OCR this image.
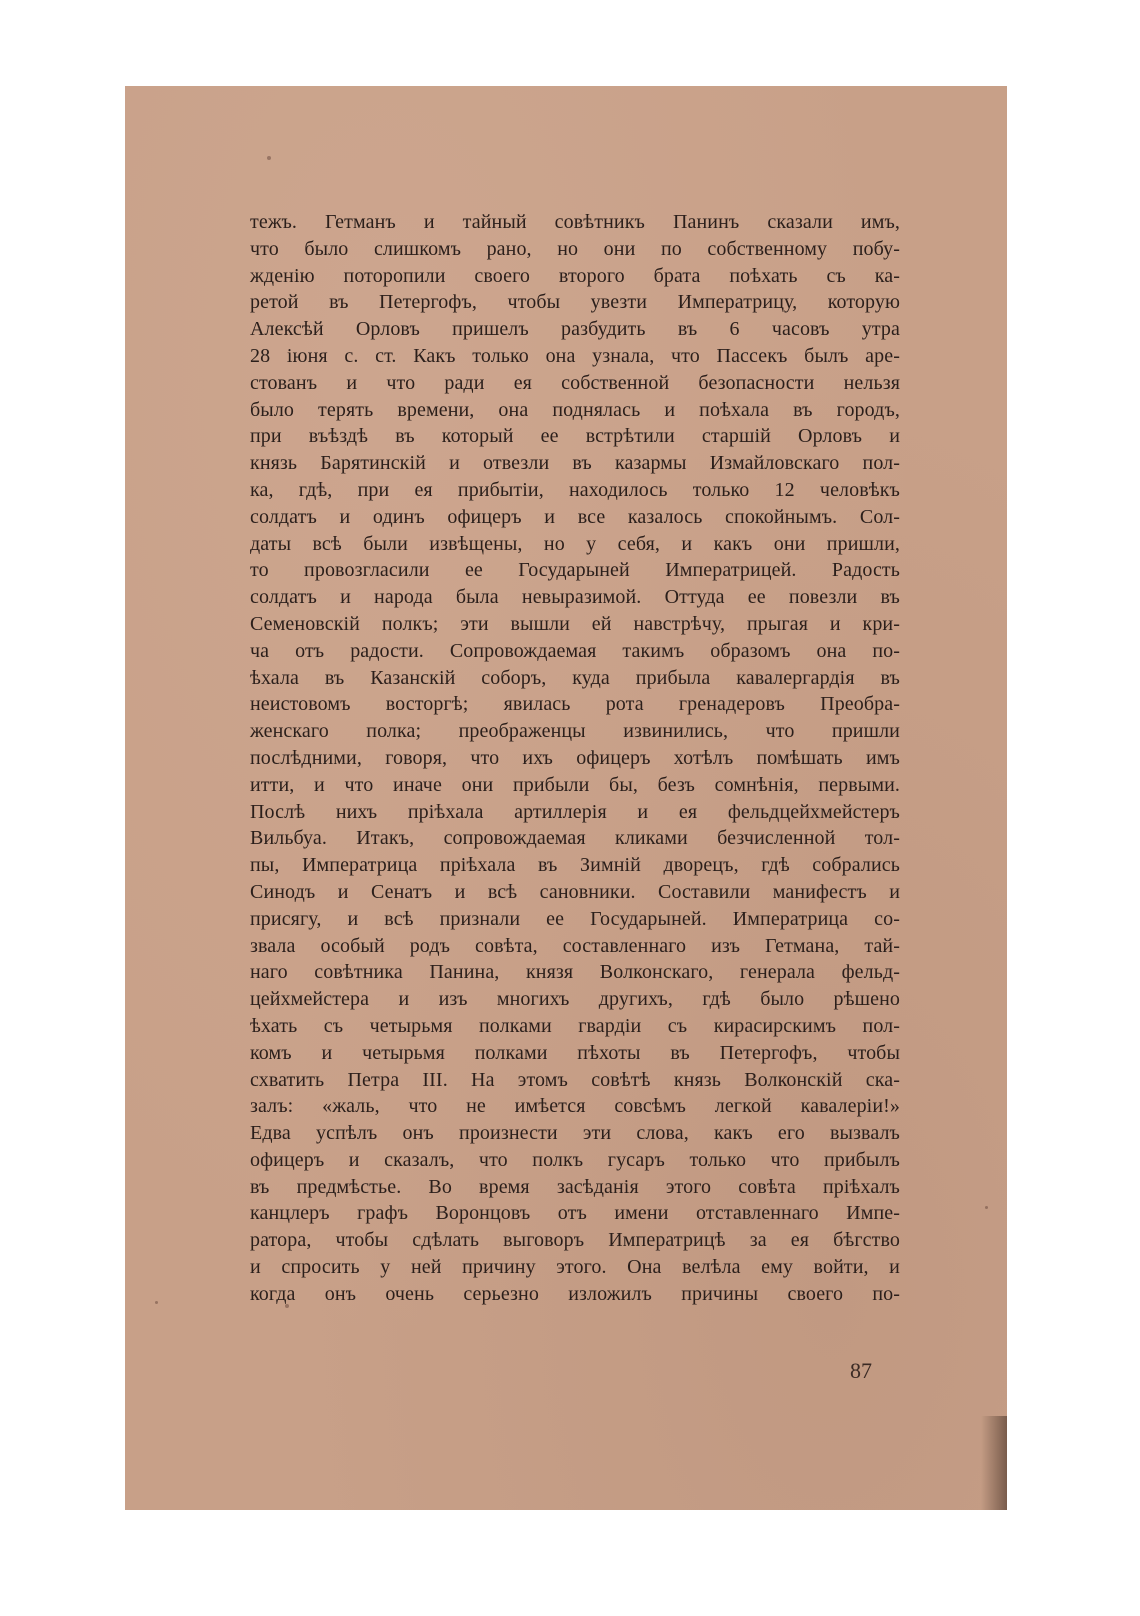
тежъ. Гетманъ и тайный совѣтникъ Панинъ сказали имъ,
что было слишкомъ рано, но они по собственному побу-
жденію поторопили своего второго брата поѣхать съ ка-
ретой въ Петергофъ, чтобы увезти Императрицу, которую
Алексѣй Орловъ пришелъ разбудить въ 6 часовъ утра
28 іюня с. ст. Какъ только она узнала, что Пассекъ былъ аре-
стованъ и что ради ея собственной безопасности нельзя
было терять времени, она поднялась и поѣхала въ городъ,
при въѣздѣ въ который ее встрѣтили старшій Орловъ и
князь Барятинскій и отвезли въ казармы Измайловскаго пол-
ка, гдѣ, при ея прибытіи, находилось только 12 человѣкъ
солдатъ и одинъ офицеръ и все казалось спокойнымъ. Сол-
даты всѣ были извѣщены, но у себя, и какъ они пришли,
то провозгласили ее Государыней Императрицей. Радость
солдатъ и народа была невыразимой. Оттуда ее повезли въ
Семеновскій полкъ; эти вышли ей навстрѣчу, прыгая и кри-
ча отъ радости. Сопровождаемая такимъ образомъ она по-
ѣхала въ Казанскій соборъ, куда прибыла кавалергардія въ
неистовомъ восторгѣ; явилась рота гренадеровъ Преобра-
женскаго полка; преображенцы извинились, что пришли
послѣдними, говоря, что ихъ офицеръ хотѣлъ помѣшать имъ
итти, и что иначе они прибыли бы, безъ сомнѣнія, первыми.
Послѣ нихъ пріѣхала артиллерія и ея фельдцейхмейстеръ
Вильбуа. Итакъ, сопровождаемая кликами безчисленной тол-
пы, Императрица пріѣхала въ Зимній дворецъ, гдѣ собрались
Синодъ и Сенатъ и всѣ сановники. Составили манифестъ и
присягу, и всѣ признали ее Государыней. Императрица со-
звала особый родъ совѣта, составленнаго изъ Гетмана, тай-
наго совѣтника Панина, князя Волконскаго, генерала фельд-
цейхмейстера и изъ многихъ другихъ, гдѣ было рѣшено
ѣхать съ четырьмя полками гвардіи съ кирасирскимъ пол-
комъ и четырьмя полками пѣхоты въ Петергофъ, чтобы
схватить Петра III. На этомъ совѣтѣ князь Волконскій ска-
залъ: «жаль, что не имѣется совсѣмъ легкой кавалеріи!»
Едва успѣлъ онъ произнести эти слова, какъ его вызвалъ
офицеръ и сказалъ, что полкъ гусаръ только что прибылъ
въ предмѣстье. Во время засѣданія этого совѣта пріѣхалъ
канцлеръ графъ Воронцовъ отъ имени отставленнаго Импе-
ратора, чтобы сдѣлать выговоръ Императрицѣ за ея бѣгство
и спросить у ней причину этого. Она велѣла ему войти, и
когда онъ очень серьезно изложилъ причины своего по-
87
